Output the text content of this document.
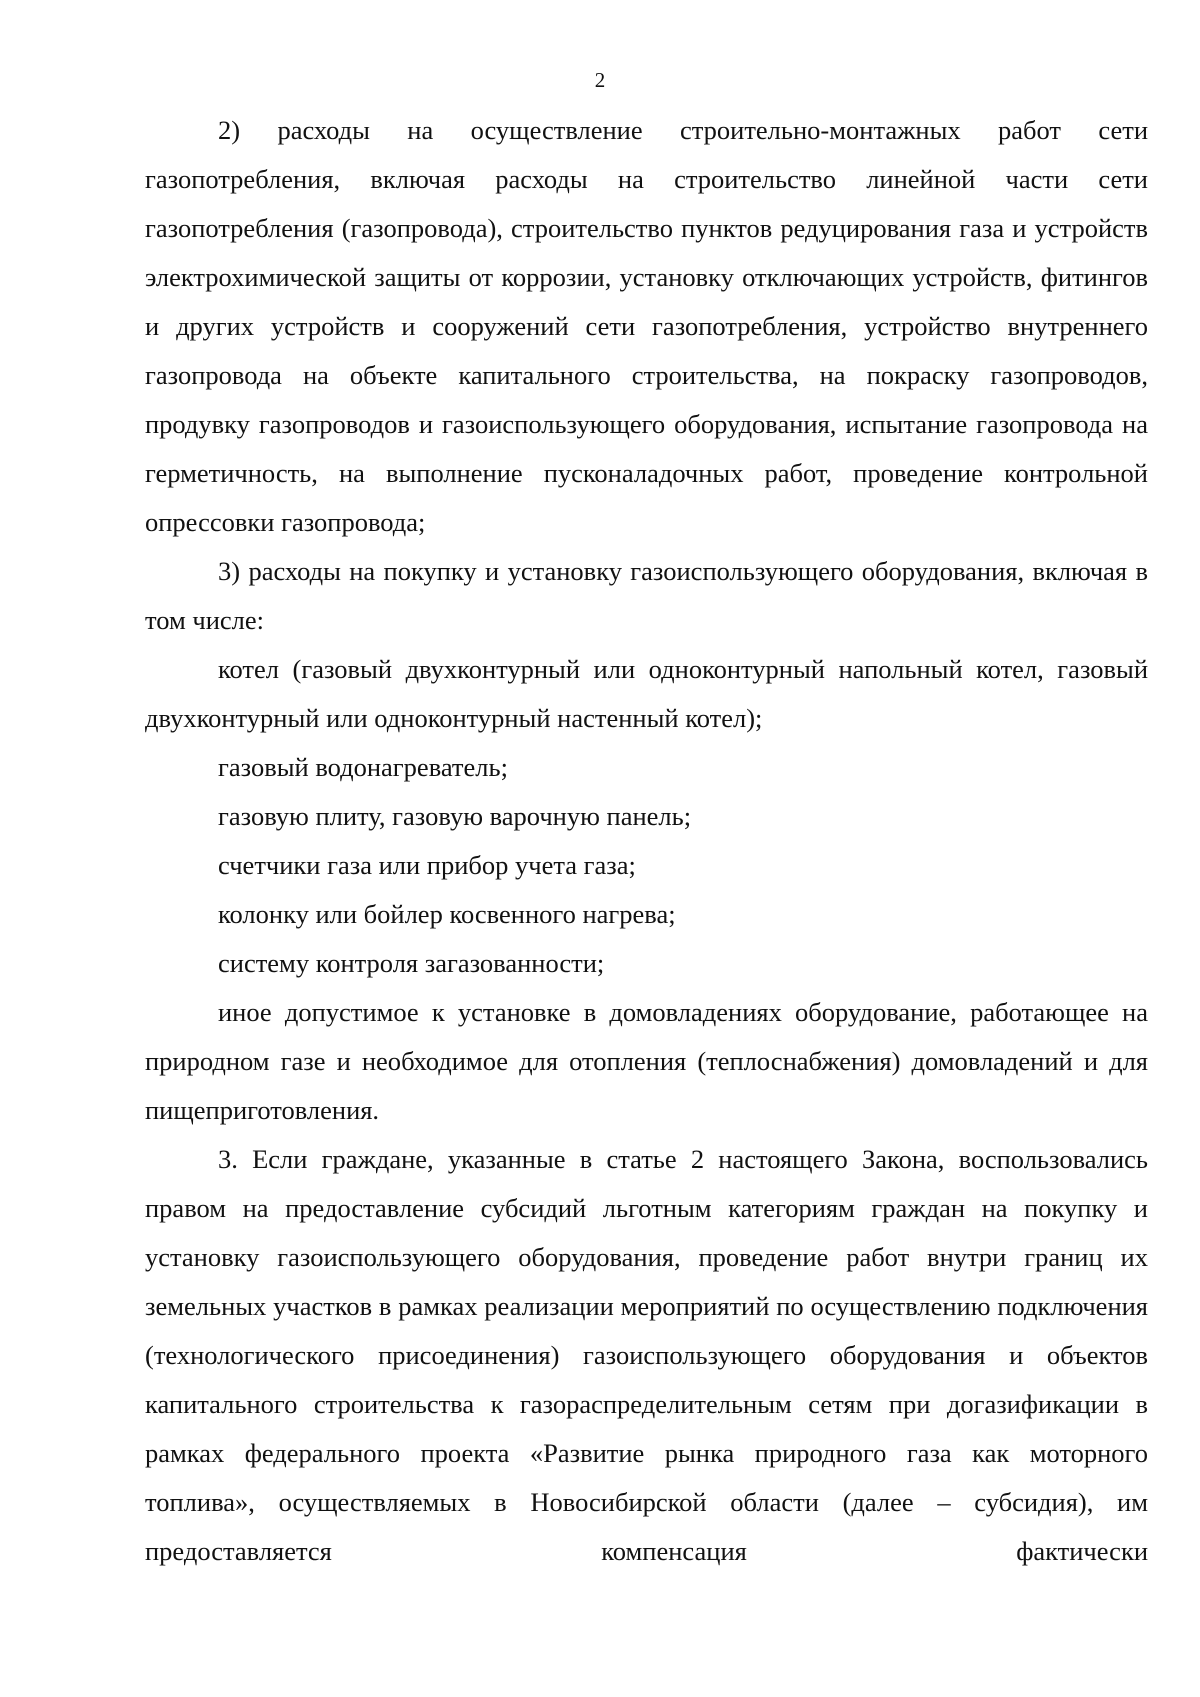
2

2) расходы на осуществление строительно-монтажных работ сети газопотребления, включая расходы на строительство линейной части сети газопотребления (газопровода), строительство пунктов редуцирования газа и устройств электрохимической защиты от коррозии, установку отключающих устройств, фитингов и других устройств и сооружений сети газопотребления, устройство внутреннего газопровода на объекте капитального строительства, на покраску газопроводов, продувку газопроводов и газоиспользующего оборудования, испытание газопровода на герметичность, на выполнение пусконаладочных работ, проведение контрольной опрессовки газопровода;

3) расходы на покупку и установку газоиспользующего оборудования, включая в том числе:

котел (газовый двухконтурный или одноконтурный напольный котел, газовый двухконтурный или одноконтурный настенный котел);

газовый водонагреватель;

газовую плиту, газовую варочную панель;

счетчики газа или прибор учета газа;

колонку или бойлер косвенного нагрева;

систему контроля загазованности;

иное допустимое к установке в домовладениях оборудование, работающее на природном газе и необходимое для отопления (теплоснабжения) домовладений и для пищеприготовления.

3. Если граждане, указанные в статье 2 настоящего Закона, воспользовались правом на предоставление субсидий льготным категориям граждан на покупку и установку газоиспользующего оборудования, проведение работ внутри границ их земельных участков в рамках реализации мероприятий по осуществлению подключения (технологического присоединения) газоиспользующего оборудования и объектов капитального строительства к газораспределительным сетям при догазификации в рамках федерального проекта «Развитие рынка природного газа как моторного топлива», осуществляемых в Новосибирской области (далее – субсидия), им предоставляется компенсация фактически
